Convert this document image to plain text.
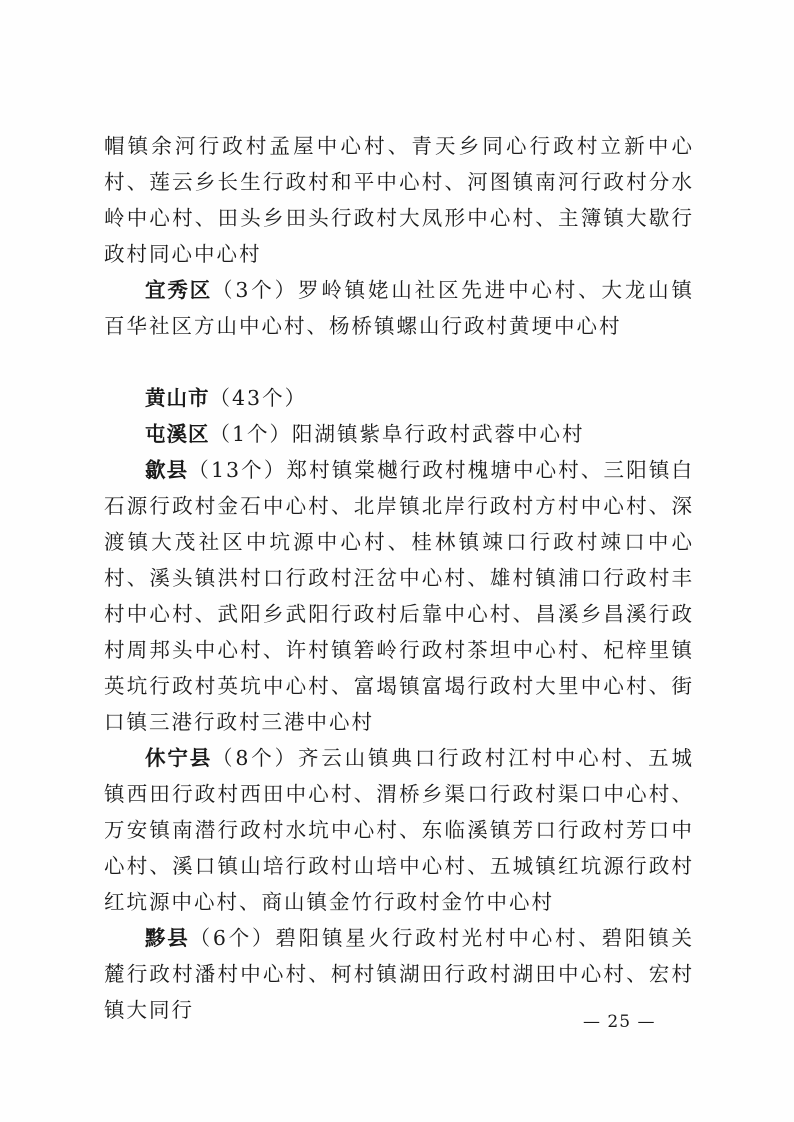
帽镇余河行政村孟屋中心村、青天乡同心行政村立新中心村、莲云乡长生行政村和平中心村、河图镇南河行政村分水岭中心村、田头乡田头行政村大凤形中心村、主簿镇大歇行政村同心中心村

宜秀区（3个）罗岭镇姥山社区先进中心村、大龙山镇百华社区方山中心村、杨桥镇螺山行政村黄埂中心村

黄山市（43个）

屯溪区（1个）阳湖镇紫阜行政村武蓉中心村

歙县（13个）郑村镇棠樾行政村槐塘中心村、三阳镇白石源行政村金石中心村、北岸镇北岸行政村方村中心村、深渡镇大茂社区中坑源中心村、桂林镇竦口行政村竦口中心村、溪头镇洪村口行政村汪岔中心村、雄村镇浦口行政村丰村中心村、武阳乡武阳行政村后靠中心村、昌溪乡昌溪行政村周邦头中心村、许村镇箬岭行政村茶坦中心村、杞梓里镇英坑行政村英坑中心村、富堨镇富堨行政村大里中心村、街口镇三港行政村三港中心村

休宁县（8个）齐云山镇典口行政村江村中心村、五城镇西田行政村西田中心村、渭桥乡渠口行政村渠口中心村、万安镇南潜行政村水坑中心村、东临溪镇芳口行政村芳口中心村、溪口镇山培行政村山培中心村、五城镇红坑源行政村红坑源中心村、商山镇金竹行政村金竹中心村

黟县（6个）碧阳镇星火行政村光村中心村、碧阳镇关麓行政村潘村中心村、柯村镇湖田行政村湖田中心村、宏村镇大同行	— 25 —
